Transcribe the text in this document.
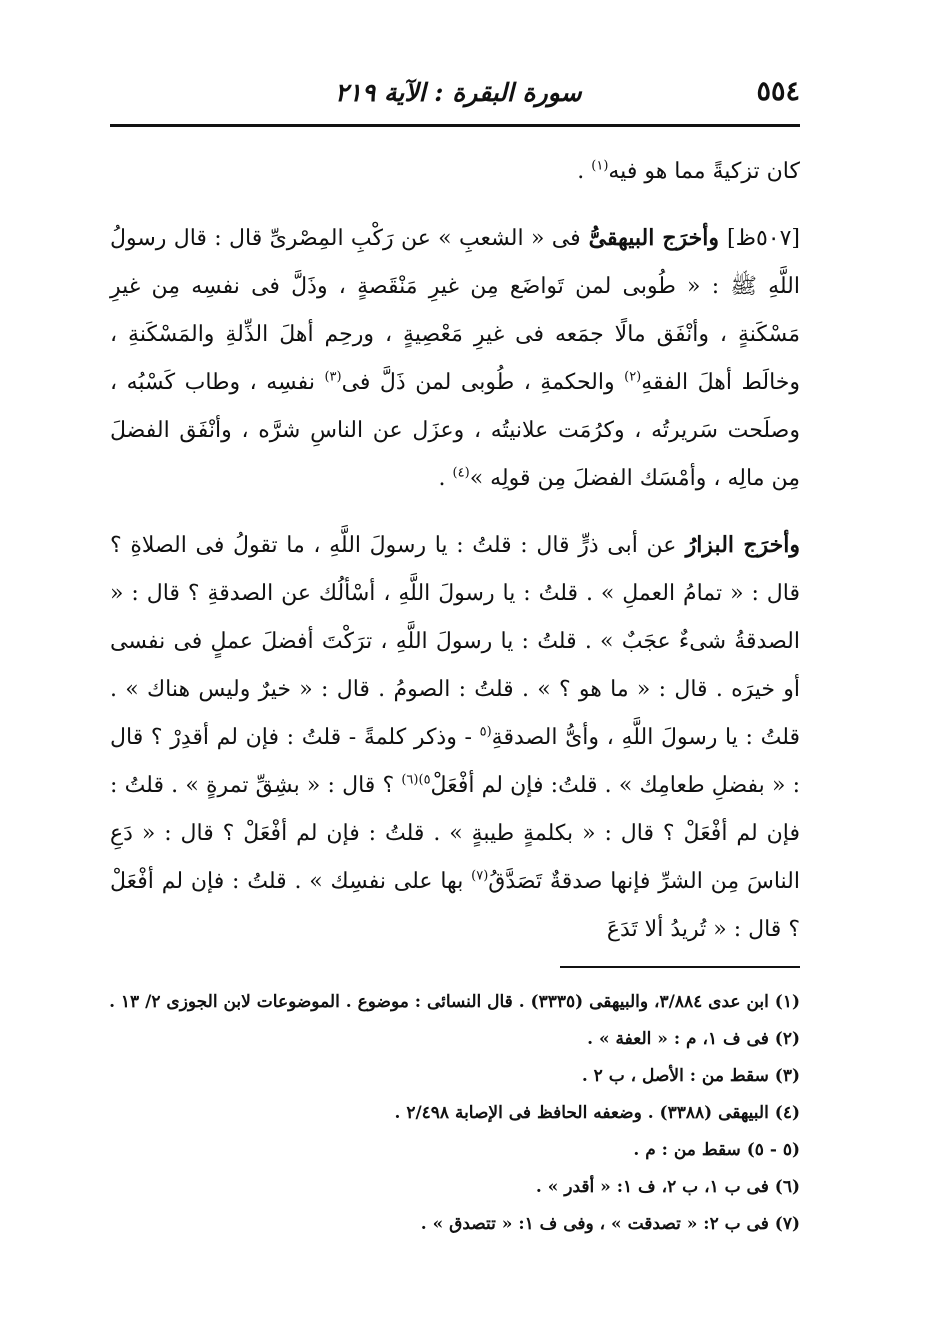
٥٥٤
سورة البقرة : الآية ٢١٩

كان تزكيةً مما هو فيه$^{(١)}$ .

[٥٠٧ظ] وأخرَج البيهقىُّ فى « الشعبِ » عن رَكْبِ المِصْرىِّ قال : قال رسولُ اللَّهِ ﷺ : « طُوبى لمن تَواضَع مِن غيرِ مَنْقَصةٍ ، وذَلَّ فى نفسِه مِن غيرِ مَسْكَنةٍ ، وأنْفَق مالًا جمَعه فى غيرِ مَعْصِيةٍ ، ورحِم أهلَ الذِّلةِ والمَسْكَنةِ ، وخالَط أهلَ الفقهِ$^{(٢)}$ والحكمةِ ، طُوبى لمن ذَلَّ فى$^{(٣)}$ نفسِه ، وطاب كَسْبُه ، وصلَحت سَريرتُه ، وكرُمَت علانيتُه ، وعزَل عن الناسِ شرَّه ، وأنْفَق الفضلَ مِن مالِه ، وأمْسَك الفضلَ مِن قولِه »$^{(٤)}$ .

وأخرَج البزارُ عن أبى ذرٍّ قال : قلتُ : يا رسولَ اللَّهِ ، ما تقولُ فى الصلاةِ ؟ قال : « تمامُ العملِ » . قلتُ : يا رسولَ اللَّهِ ، أسْألُك عن الصدقةِ ؟ قال : « الصدقةُ شىءٌ عجَبٌ » . قلتُ : يا رسولَ اللَّهِ ، ترَكْتَ أفضلَ عملٍ فى نفسى أو خيرَه . قال : « ما هو ؟ » . قلتُ : الصومُ . قال : « خيرٌ وليس هناك » . قلتُ : يا رسولَ اللَّهِ ، وأىُّ الصدقةِ$^{(٥}$ - وذكر كلمةً - قلتُ : فإن لم أقدِرْ ؟ قال : « بفضلِ طعامِك » . قلتُ: فإن لم أفْعَلْ$^{٥)(٦)}$ ؟ قال : « بشِقِّ تمرةٍ » . قلتُ : فإن لم أفْعَلْ ؟ قال : « بكلمةٍ طيبةٍ » . قلتُ : فإن لم أفْعَلْ ؟ قال : « دَعِ الناسَ مِن الشرِّ فإنها صدقةٌ تَصَدَّقُ$^{(٧)}$ بها على نفسِك » . قلتُ : فإن لم أفْعَلْ ؟ قال : « تُريدُ ألا تَدَعَ

(١) ابن عدى ٣/٨٨٤، والبيهقى (٣٣٣٥) . قال النسائى : موضوع . الموضوعات لابن الجوزى ٢/ ١٣ .
(٢) فى ف ١، م : « العفة » .
(٣) سقط من : الأصل ، ب ٢ .
(٤) البيهقى (٣٣٨٨) . وضعفه الحافظ فى الإصابة ٢/٤٩٨ .
(٥ - ٥) سقط من : م .
(٦) فى ب ١، ب ٢، ف ١: « أقدر » .
(٧) فى ب ٢: « تصدقت » ، وفى ف ١: « تتصدق » .
